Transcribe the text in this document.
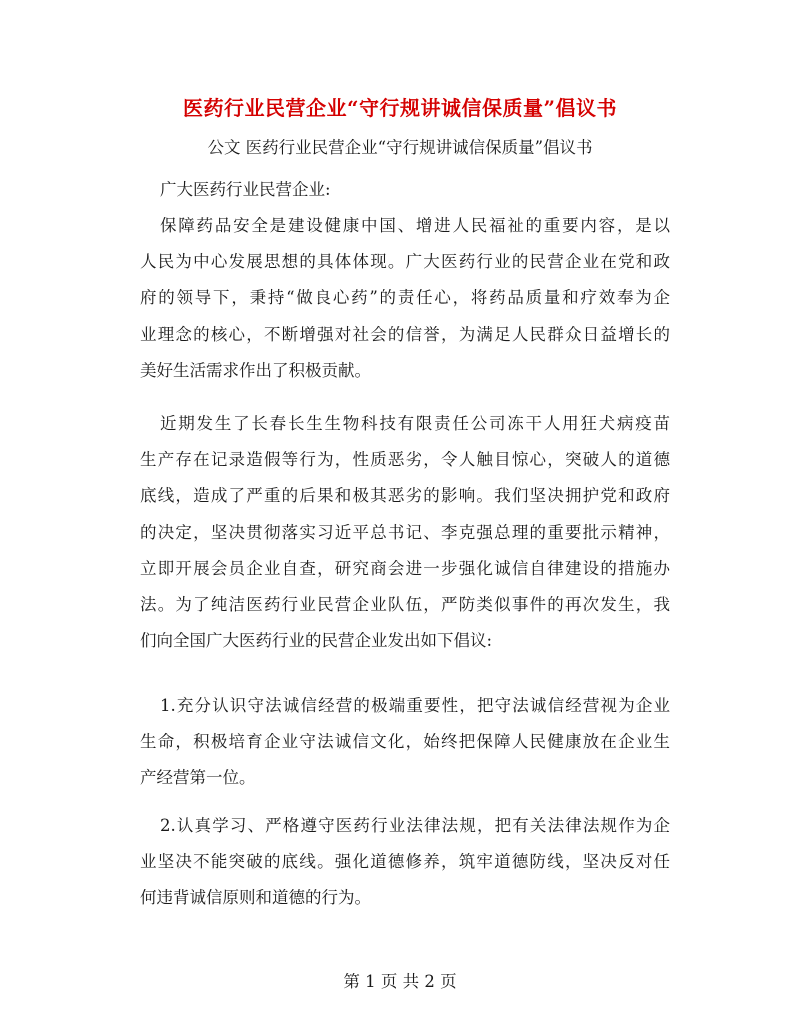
医药行业民营企业“守行规讲诚信保质量”倡议书
公文 医药行业民营企业“守行规讲诚信保质量”倡议书
广大医药行业民营企业:
保障药品安全是建设健康中国、增进人民福祉的重要内容，是以
人民为中心发展思想的具体体现。广大医药行业的民营企业在党和政
府的领导下，秉持“做良心药”的责任心，将药品质量和疗效奉为企
业理念的核心，不断增强对社会的信誉，为满足人民群众日益增长的
美好生活需求作出了积极贡献。
近期发生了长春长生生物科技有限责任公司冻干人用狂犬病疫苗
生产存在记录造假等行为，性质恶劣，令人触目惊心，突破人的道德
底线，造成了严重的后果和极其恶劣的影响。我们坚决拥护党和政府
的决定，坚决贯彻落实习近平总书记、李克强总理的重要批示精神，
立即开展会员企业自查，研究商会进一步强化诚信自律建设的措施办
法。为了纯洁医药行业民营企业队伍，严防类似事件的再次发生，我
们向全国广大医药行业的民营企业发出如下倡议:
1.充分认识守法诚信经营的极端重要性，把守法诚信经营视为企业
生命，积极培育企业守法诚信文化，始终把保障人民健康放在企业生
产经营第一位。
2.认真学习、严格遵守医药行业法律法规，把有关法律法规作为企
业坚决不能突破的底线。强化道德修养，筑牢道德防线，坚决反对任
何违背诚信原则和道德的行为。
第 1 页 共 2 页
